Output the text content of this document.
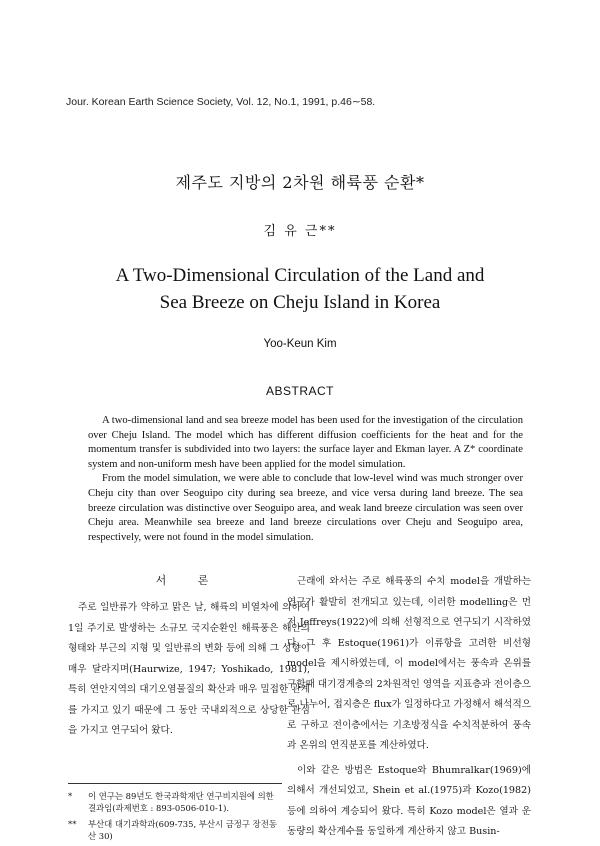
Jour. Korean Earth Science Society, Vol. 12, No.1, 1991, p.46∼58.
제주도 지방의 2차원 해륙풍 순환*
김 유 근**
A Two-Dimensional Circulation of the Land and
Sea Breeze on Cheju Island in Korea
Yoo-Keun Kim
ABSTRACT

A two-dimensional land and sea breeze model has been used for the investigation of the circulation over Cheju Island. The model which has different diffusion coefficients for the heat and for the momentum transfer is subdivided into two layers: the surface layer and Ekman layer. A Z* coordinate system and non-uniform mesh have been applied for the model simulation.

From the model simulation, we were able to conclude that low-level wind was much stronger over Cheju city than over Seoguipo city during sea breeze, and vice versa during land breeze. The sea breeze circulation was distinctive over Seoguipo area, and weak land breeze circulation was seen over Cheju area. Meanwhile sea breeze and land breeze circulations over Cheju and Seoguipo area, respectively, were not found in the model simulation.

서 론

주로 일반류가 약하고 맑은 날, 해륙의 비열차에 의하여 1일 주기로 발생하는 소규모 국지순환인 해륙풍은 해안의 형태와 부근의 지형 및 일반류의 변화 등에 의해 그 성향이 매우 달라지며(Haurwize, 1947; Yoshikado, 1981), 특히 연안지역의 대기오염물질의 확산과 매우 밀접한 관계를 가지고 있기 때문에 그 동안 국내외적으로 상당한 관심을 가지고 연구되어 왔다.

근래에 와서는 주로 해륙풍의 수치 model을 개발하는 연구가 활발히 전개되고 있는데, 이러한 modelling은 먼저 Jeffreys(1922)에 의해 선형적으로 연구되기 시작하였다. 그 후 Estoque(1961)가 이류항을 고려한 비선형 model을 제시하였는데, 이 model에서는 풍속과 온위를 구할때 대기경계층의 2차원적인 영역을 지표층과 전이층으로 나누어, 접지층은 flux가 일정하다고 가정해서 해석적으로 구하고 전이층에서는 기초방정식을 수치적분하여 풍속과 온위의 연직분포를 계산하였다.

이와 같은 방법은 Estoque와 Bhumralkar(1969)에 의해서 개선되었고, Shein et al.(1975)과 Kozo(1982) 등에 의하여 계승되어 왔다. 특히 Kozo model은 열과 운동량의 확산계수를 동일하게 계산하지 않고 Busin-

*	이 연구는 89년도 한국과학재단 연구비지원에 의한 결과임(과제번호 : 893-0506-010-1).
**	부산대 대기과학과(609-735, 부산시 금정구 장전동 산 30)
